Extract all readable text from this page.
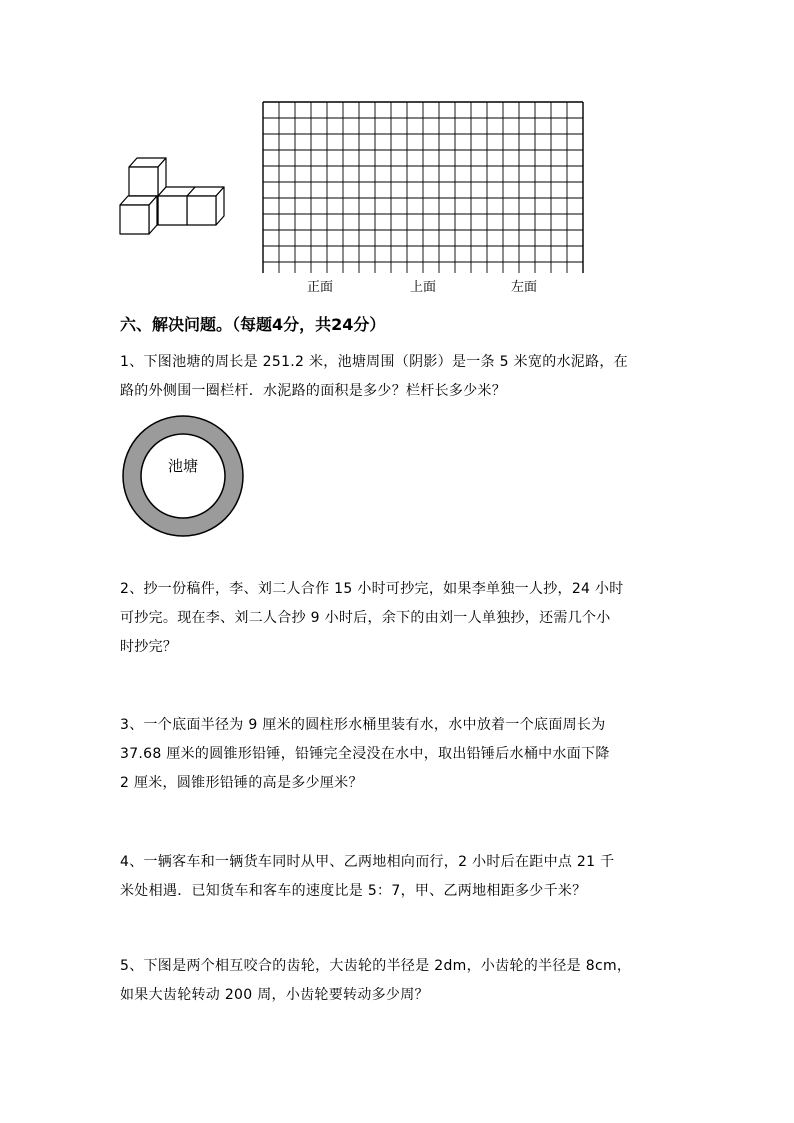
正面	上面	左面
六、解决问题。（每题4分，共24分）
1、下图池塘的周长是 251.2 米，池塘周围（阴影）是一条 5 米宽的水泥路，在
路的外侧围一圈栏杆．水泥路的面积是多少？栏杆长多少米？
池塘
2、抄一份稿件，李、刘二人合作 15 小时可抄完，如果李单独一人抄，24 小时
可抄完。现在李、刘二人合抄 9 小时后，余下的由刘一人单独抄，还需几个小
时抄完？
3、一个底面半径为 9 厘米的圆柱形水桶里装有水，水中放着一个底面周长为
37.68 厘米的圆锥形铅锤，铅锤完全浸没在水中，取出铅锤后水桶中水面下降
2 厘米，圆锥形铅锤的高是多少厘米？
4、一辆客车和一辆货车同时从甲、乙两地相向而行，2 小时后在距中点 21 千
米处相遇．已知货车和客车的速度比是 5：7，甲、乙两地相距多少千米？
5、下图是两个相互咬合的齿轮，大齿轮的半径是 2dm，小齿轮的半径是 8cm，
如果大齿轮转动 200 周，小齿轮要转动多少周？
